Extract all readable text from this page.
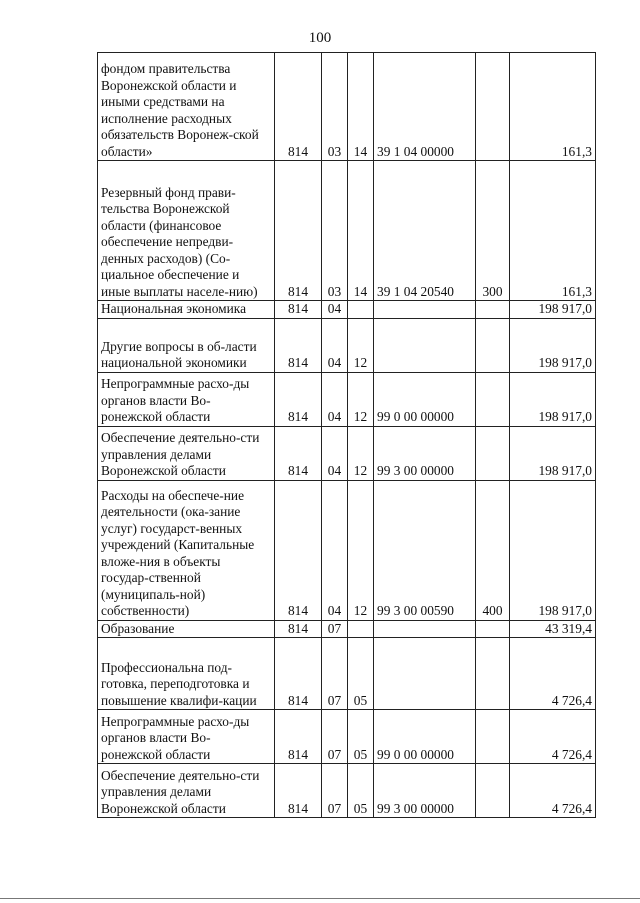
100
фондом правительства Воронежской области и иными средствами на исполнение расходных обязательств Воронеж-ской области»	814	03	14	39 1 04 00000		161,3
Резервный фонд прави-тельства Воронежской области (финансовое обеспечение непредви-денных расходов) (Со-циальное обеспечение и иные выплаты населе-нию)	814	03	14	39 1 04 20540	300	161,3
Национальная экономика	814	04				198 917,0
Другие вопросы в об-ласти национальной экономики	814	04	12			198 917,0
Непрограммные расхо-ды органов власти Во-ронежской области	814	04	12	99 0 00 00000		198 917,0
Обеспечение деятельно-сти управления делами Воронежской области	814	04	12	99 3 00 00000		198 917,0
Расходы на обеспече-ние деятельности (ока-зание услуг) государст-венных учреждений (Капитальные вложе-ния в объекты государ-ственной (муниципаль-ной) собственности)	814	04	12	99 3 00 00590	400	198 917,0
Образование	814	07				43 319,4
Профессиональна под-готовка, переподготовка и повышение квалифи-кации	814	07	05			4 726,4
Непрограммные расхо-ды органов власти Во-ронежской области	814	07	05	99 0 00 00000		4 726,4
Обеспечение деятельно-сти управления делами Воронежской области	814	07	05	99 3 00 00000		4 726,4
